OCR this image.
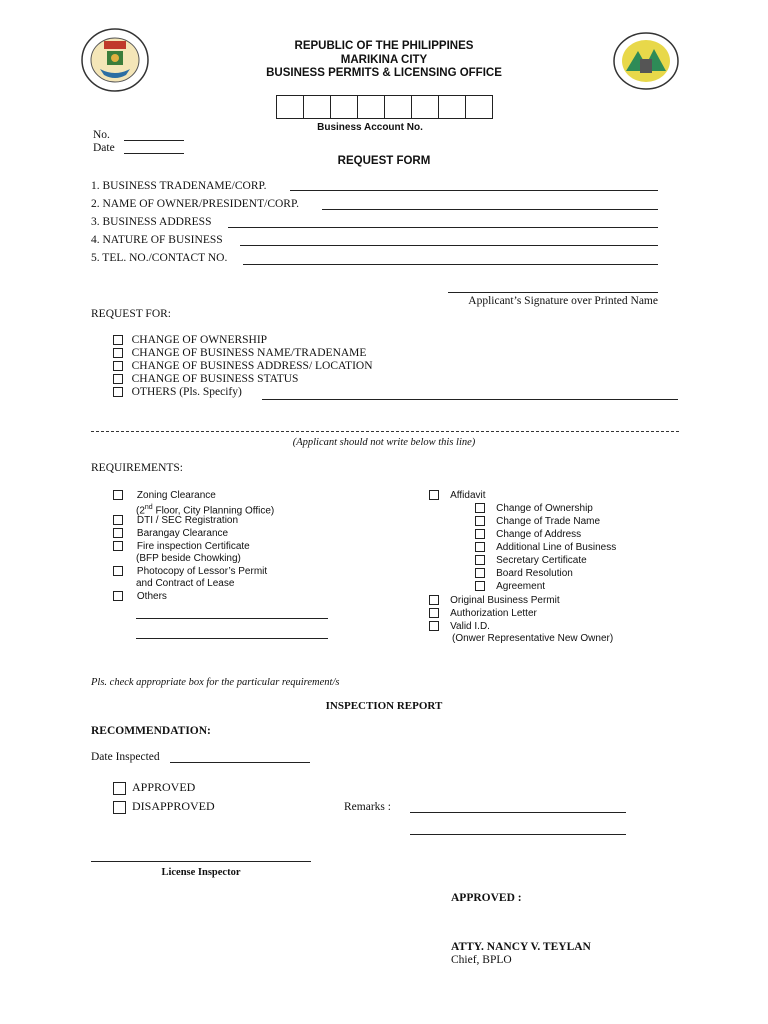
REPUBLIC OF THE PHILIPPINES
MARIKINA CITY
BUSINESS PERMITS & LICENSING OFFICE
Business Account No.
No.
Date
REQUEST FORM
1. BUSINESS TRADENAME/CORP.
2. NAME OF OWNER/PRESIDENT/CORP.
3. BUSINESS ADDRESS
4. NATURE OF BUSINESS
5. TEL. NO./CONTACT NO.
Applicant’s Signature over Printed Name
REQUEST FOR:
CHANGE OF OWNERSHIP
CHANGE OF BUSINESS NAME/TRADENAME
CHANGE OF BUSINESS ADDRESS/ LOCATION
CHANGE OF BUSINESS STATUS
OTHERS (Pls. Specify)
(Applicant should not write below this line)
REQUIREMENTS:
Zoning Clearance
(2nd Floor, City Planning Office)
DTI / SEC Registration
Barangay Clearance
Fire inspection Certificate
(BFP beside Chowking)
Photocopy of Lessor’s Permit
and Contract of Lease
Others
Affidavit
Change of Ownership
Change of Trade Name
Change of Address
Additional Line of Business
Secretary Certificate
Board Resolution
Agreement
Original Business Permit
Authorization Letter
Valid I.D.
(Onwer Representative New Owner)
Pls. check appropriate box for the particular requirement/s
INSPECTION REPORT
RECOMMENDATION:
Date Inspected
APPROVED
DISAPPROVED	Remarks :
License Inspector
APPROVED :
ATTY. NANCY V. TEYLAN
Chief, BPLO
